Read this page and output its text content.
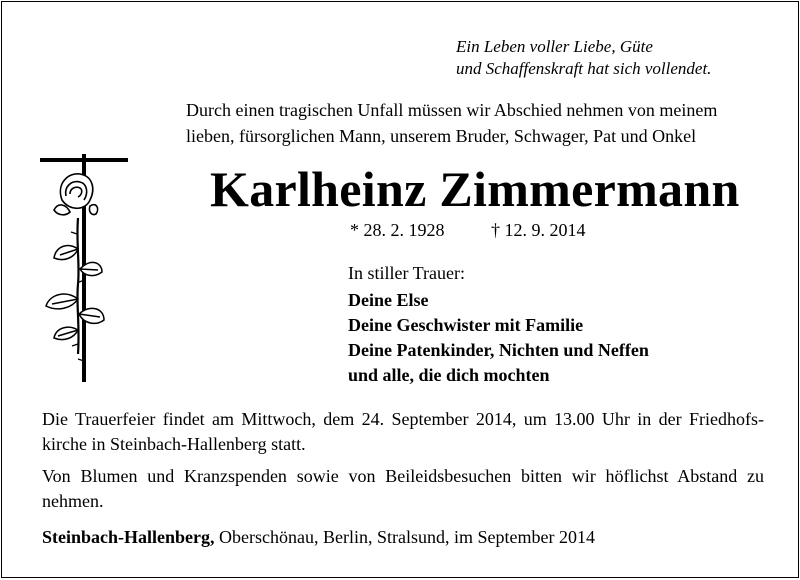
Ein Leben voller Liebe, Güte
und Schaffenskraft hat sich vollendet.
Durch einen tragischen Unfall müssen wir Abschied nehmen von meinem
lieben, fürsorglichen Mann, unserem Bruder, Schwager, Pat und Onkel
Karlheinz Zimmermann
* 28. 2. 1928	† 12. 9. 2014
In stiller Trauer:
Deine Else
Deine Geschwister mit Familie
Deine Patenkinder, Nichten und Neffen
und alle, die dich mochten

Die Trauerfeier findet am Mittwoch, dem 24. September 2014, um 13.00 Uhr in der Friedhofs-kirche in Steinbach-Hallenberg statt.

Von Blumen und Kranzspenden sowie von Beileidsbesuchen bitten wir höflichst Abstand zu nehmen.

Steinbach-Hallenberg, Oberschönau, Berlin, Stralsund, im September 2014
